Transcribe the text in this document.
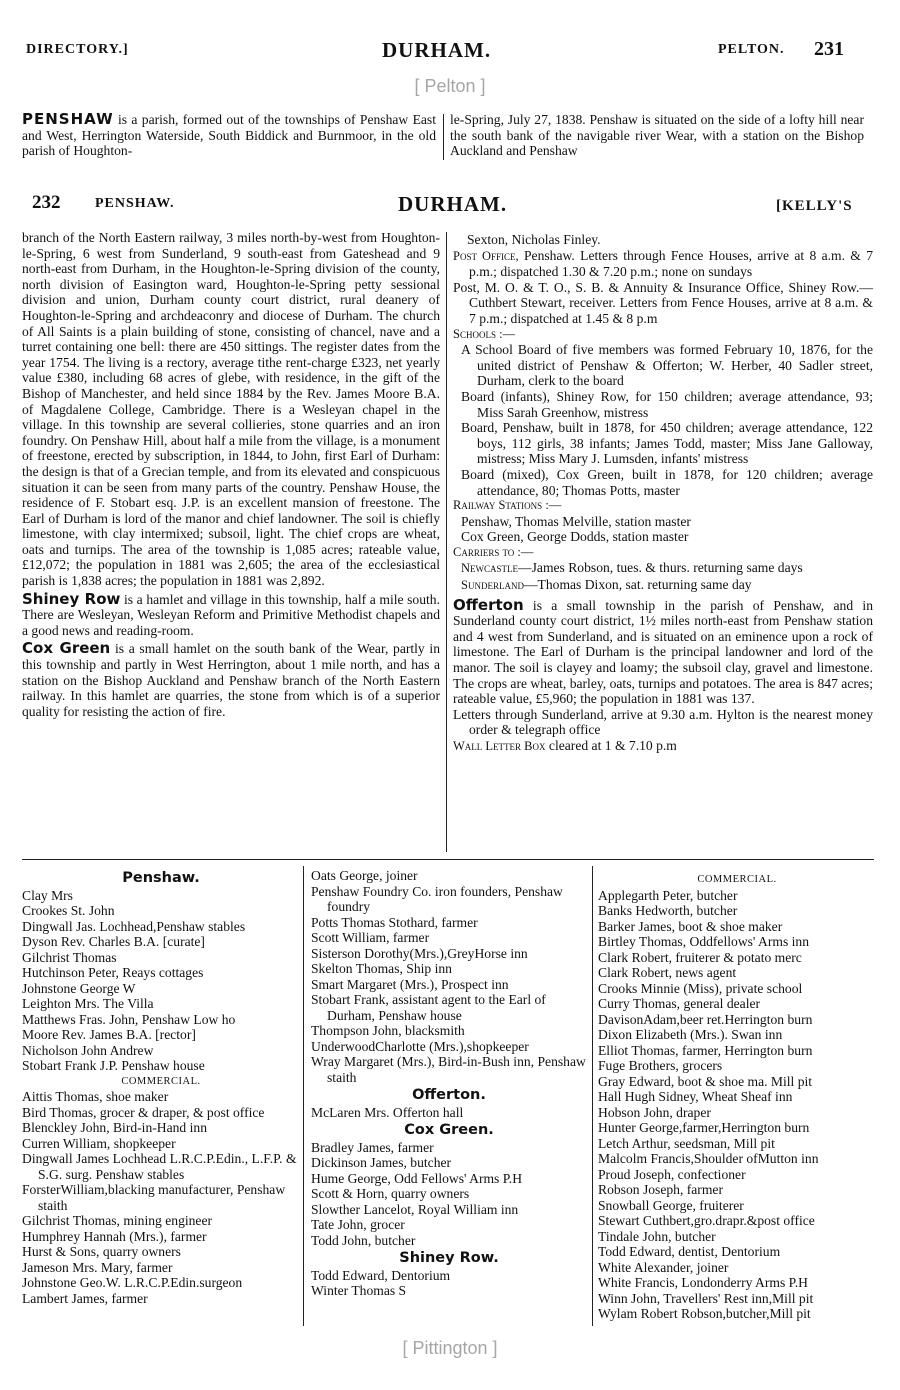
DIRECTORY.]	DURHAM.	PELTON. 231
[ Pelton ]
PENSHAW is a parish, formed out of the townships of Penshaw East and West, Herrington Waterside, South Biddick and Burnmoor, in the old parish of Houghton-
le-Spring, July 27, 1838. Penshaw is situated on the side of a lofty hill near the south bank of the navigable river Wear, with a station on the Bishop Auckland and Penshaw
232 PENSHAW.	DURHAM.	[KELLY'S

branch of the North Eastern railway, 3 miles north-by-west from Houghton-le-Spring, 6 west from Sunderland, 9 south-east from Gateshead and 9 north-east from Durham, in the Houghton-le-Spring division of the county, north division of Easington ward, Houghton-le-Spring petty sessional division and union, Durham county court district, rural deanery of Houghton-le-Spring and archdeaconry and diocese of Durham. The church of All Saints is a plain building of stone, consisting of chancel, nave and a turret containing one bell: there are 450 sittings. The register dates from the year 1754. The living is a rectory, average tithe rent-charge £323, net yearly value £380, including 68 acres of glebe, with residence, in the gift of the Bishop of Manchester, and held since 1884 by the Rev. James Moore B.A. of Magdalene College, Cambridge. There is a Wesleyan chapel in the village. In this township are several collieries, stone quarries and an iron foundry. On Penshaw Hill, about half a mile from the village, is a monument of freestone, erected by subscription, in 1844, to John, first Earl of Durham: the design is that of a Grecian temple, and from its elevated and conspicuous situation it can be seen from many parts of the country. Penshaw House, the residence of F. Stobart esq. J.P. is an excellent mansion of freestone. The Earl of Durham is lord of the manor and chief landowner. The soil is chiefly limestone, with clay intermixed; subsoil, light. The chief crops are wheat, oats and turnips. The area of the township is 1,085 acres; rateable value, £12,072; the population in 1881 was 2,605; the area of the ecclesiastical parish is 1,838 acres; the population in 1881 was 2,892.

Shiney Row is a hamlet and village in this township, half a mile south. There are Wesleyan, Wesleyan Reform and Primitive Methodist chapels and a good news and reading-room.

Cox Green is a small hamlet on the south bank of the Wear, partly in this township and partly in West Herrington, about 1 mile north, and has a station on the Bishop Auckland and Penshaw branch of the North Eastern railway. In this hamlet are quarries, the stone from which is of a superior quality for resisting the action of fire.

Sexton, Nicholas Finley.
Post Office, Penshaw. Letters through Fence Houses, arrive at 8 a.m. & 7 p.m.; dispatched 1.30 & 7.20 p.m.; none on sundays
Post, M. O. & T. O., S. B. & Annuity & Insurance Office, Shiney Row.—Cuthbert Stewart, receiver. Letters from Fence Houses, arrive at 8 a.m. & 7 p.m.; dispatched at 1.45 & 8 p.m
Schools :—
A School Board of five members was formed February 10, 1876, for the united district of Penshaw & Offerton; W. Herber, 40 Sadler street, Durham, clerk to the board
Board (infants), Shiney Row, for 150 children; average attendance, 93; Miss Sarah Greenhow, mistress
Board, Penshaw, built in 1878, for 450 children; average attendance, 122 boys, 112 girls, 38 infants; James Todd, master; Miss Jane Galloway, mistress; Miss Mary J. Lumsden, infants' mistress
Board (mixed), Cox Green, built in 1878, for 120 children; average attendance, 80; Thomas Potts, master
Railway Stations :—
Penshaw, Thomas Melville, station master
Cox Green, George Dodds, station master
Carriers to :—
Newcastle—James Robson, tues. & thurs. returning same days
Sunderland—Thomas Dixon, sat. returning same day

Offerton is a small township in the parish of Penshaw, and in Sunderland county court district, 1½ miles north-east from Penshaw station and 4 west from Sunderland, and is situated on an eminence upon a rock of limestone. The Earl of Durham is the principal landowner and lord of the manor. The soil is clayey and loamy; the subsoil clay, gravel and limestone. The crops are wheat, barley, oats, turnips and potatoes. The area is 847 acres; rateable value, £5,960; the population in 1881 was 137.

Letters through Sunderland, arrive at 9.30 a.m. Hylton is the nearest money order & telegraph office
Wall Letter Box cleared at 1 & 7.10 p.m
Penshaw.
Clay Mrs
Crookes St. John
Dingwall Jas. Lochhead,Penshaw stables
Dyson Rev. Charles B.A. [curate]
Gilchrist Thomas
Hutchinson Peter, Reays cottages
Johnstone George W
Leighton Mrs. The Villa
Matthews Fras. John, Penshaw Low ho
Moore Rev. James B.A. [rector]
Nicholson John Andrew
Stobart Frank J.P. Penshaw house
COMMERCIAL.
Aittis Thomas, shoe maker
Bird Thomas, grocer & draper, & post office
Blenckley John, Bird-in-Hand inn
Curren William, shopkeeper
Dingwall James Lochhead L.R.C.P.Edin., L.F.P. & S.G. surg. Penshaw stables
ForsterWilliam,blacking manufacturer, Penshaw staith
Gilchrist Thomas, mining engineer
Humphrey Hannah (Mrs.), farmer
Hurst & Sons, quarry owners
Jameson Mrs. Mary, farmer
Johnstone Geo.W. L.R.C.P.Edin.surgeon
Lambert James, farmer
Oats George, joiner
Penshaw Foundry Co. iron founders, Penshaw foundry
Potts Thomas Stothard, farmer
Scott William, farmer
Sisterson Dorothy(Mrs.),GreyHorse inn
Skelton Thomas, Ship inn
Smart Margaret (Mrs.), Prospect inn
Stobart Frank, assistant agent to the Earl of Durham, Penshaw house
Thompson John, blacksmith
UnderwoodCharlotte (Mrs.),shopkeeper
Wray Margaret (Mrs.), Bird-in-Bush inn, Penshaw staith
Offerton.
McLaren Mrs. Offerton hall
Cox Green.
Bradley James, farmer
Dickinson James, butcher
Hume George, Odd Fellows' Arms P.H
Scott & Horn, quarry owners
Slowther Lancelot, Royal William inn
Tate John, grocer
Todd John, butcher
Shiney Row.
Todd Edward, Dentorium
Winter Thomas S
COMMERCIAL.
Applegarth Peter, butcher
Banks Hedworth, butcher
Barker James, boot & shoe maker
Birtley Thomas, Oddfellows' Arms inn
Clark Robert, fruiterer & potato merc
Clark Robert, news agent
Crooks Minnie (Miss), private school
Curry Thomas, general dealer
DavisonAdam,beer ret.Herrington burn
Dixon Elizabeth (Mrs.). Swan inn
Elliot Thomas, farmer, Herrington burn
Fuge Brothers, grocers
Gray Edward, boot & shoe ma. Mill pit
Hall Hugh Sidney, Wheat Sheaf inn
Hobson John, draper
Hunter George,farmer,Herrington burn
Letch Arthur, seedsman, Mill pit
Malcolm Francis,Shoulder ofMutton inn
Proud Joseph, confectioner
Robson Joseph, farmer
Snowball George, fruiterer
Stewart Cuthbert,gro.drapr.&post office
Tindale John, butcher
Todd Edward, dentist, Dentorium
White Alexander, joiner
White Francis, Londonderry Arms P.H
Winn John, Travellers' Rest inn,Mill pit
Wylam Robert Robson,butcher,Mill pit
[ Pittington ]
